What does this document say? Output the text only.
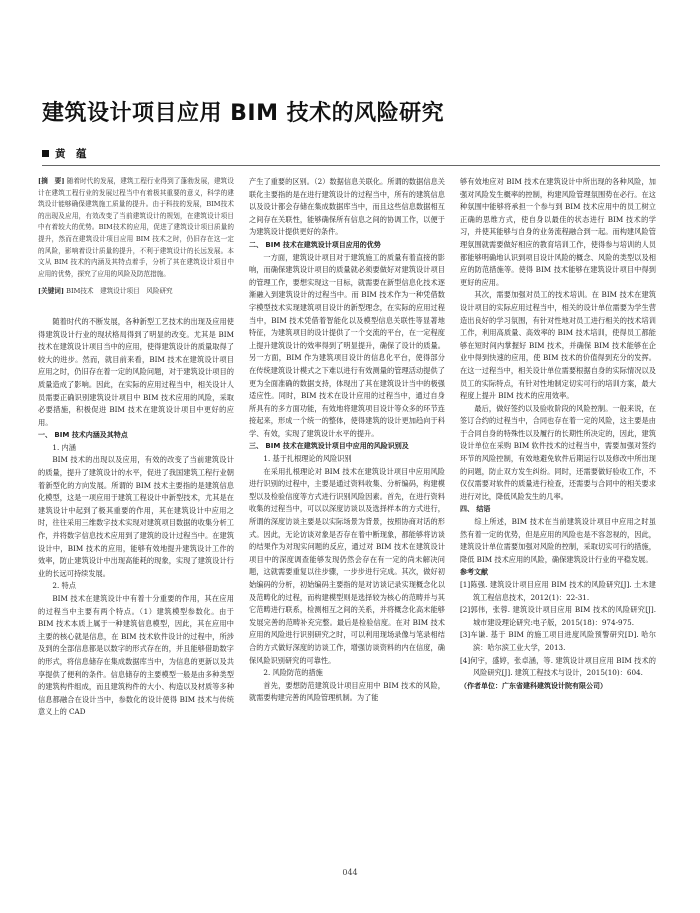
建筑设计项目应用 BIM 技术的风险研究
黄　蕴

[摘　要] 随着时代的发展，建筑工程行业得到了蓬勃发展，建筑设计在建筑工程行业的发展过程当中有着极其重要的意义，科学的建筑设计能够确保建筑施工质量的提升。由于科技的发展，BIM技术的出现及应用，有效改变了当前建筑设计的规划，在建筑设计项目中有着较大的优势。BIM技术的应用，促进了建筑设计项目质量的提升，然而在建筑设计项目应用 BIM 技术之时，仍旧存在这一定的风险，影响着设计质量的提升，不利于建筑设计的长远发展。本文从 BIM 技术的内涵及其特点着手，分析了其在建筑设计项目中应用的优势，探究了应用的风险及防范措施。

[关键词] BIM技术　建筑设计项目　风险研究

随着时代的不断发展，各种新型工艺技术的出现及应用使得建筑设计行业的现状格局得到了明显的改变。尤其是 BIM 技术在建筑设计项目当中的应用，使得建筑设计的质量取得了较大的进步。然而，就目前来看，BIM 技术在建筑设计项目应用之时，仍旧存在着一定的风险问题，对于建筑设计项目的质量造成了影响。因此，在实际的应用过程当中，相关设计人员需要正确识别建筑设计项目中 BIM 技术应用的风险，采取必要措施，积极促进 BIM 技术在建筑设计项目中更好的应用。

一、 BIM 技术内涵及其特点

1. 内涵

BIM 技术的出现以及应用，有效的改变了当前建筑设计的质量，提升了建筑设计的水平，促进了我国建筑工程行业朝着新型化的方向发展。所谓的 BIM 技术主要指的是建筑信息化模型，这是一项应用于建筑工程设计中新型技术，尤其是在建筑设计中起到了极其重要的作用，其在建筑设计中应用之时，往往采用三维数字技术实现对建筑项目数据的收集分析工作，并将数字信息技术应用到了建筑的设计过程当中。在建筑设计中，BIM 技术的应用，能够有效地提升建筑设计工作的效率，防止建筑设计中出现高能耗的现象，实现了建筑设计行业的长远可持续发展。

2. 特点

BIM 技术在建筑设计中有着十分重要的作用，其在应用的过程当中主要有两个特点。（1）建筑模型参数化。由于 BIM 技术本质上属于一种建筑信息模型，因此，其在应用中主要的核心就是信息，在 BIM 技术软件设计的过程中，所涉及到的全部信息都是以数字的形式存在的，并且能够借助数字的形式，将信息储存在集成数据库当中，为信息的更新以及共享提供了便利的条件。信息储存的主要模型一般是由多种类型的建筑构件组成，而且建筑构件的大小、构造以及材质等多种信息都融合在设计当中，参数化的设计使得 BIM 技术与传统意义上的 CAD

产生了重要的区别。（2）数据信息关联化。所谓的数据信息关联化主要指的是在进行建筑设计的过程当中，所有的建筑信息以及设计都会存储在集成数据库当中，而且这些信息数据相互之间存在关联性，能够确保所有信息之间的协调工作，以便于为建筑设计提供更好的条件。

二、 BIM 技术在建筑设计项目应用的优势

一方面，建筑设计项目对于建筑施工的质量有着直接的影响，而确保建筑设计项目的质量就必须要做好对建筑设计项目的管理工作，要想实现这一目标，就需要在新型信息化技术逐渐融入到建筑设计的过程当中。而 BIM 技术作为一种凭借数字模型技术实现建筑项目设计的新型理念，在实际的应用过程当中，BIM 技术凭借着智能化以及模型信息关联性等显著地特征，为建筑项目的设计提供了一个交流的平台，在一定程度上提升建筑设计的效率得到了明显提升，确保了设计的质量。另一方面，BIM 作为建筑项目设计的信息化平台，使得部分在传统建筑设计模式之下难以进行有效测量的管理活动提供了更为全面准确的数据支持，体现出了其在建筑设计当中的极强适应性。同时，BIM 技术在设计应用的过程当中，通过自身所具有的多方面功能，有效地将建筑项目设计等众多的环节连接起来，形成一个统一的整体，使得建筑的设计更加趋向于科学、有效，实现了建筑设计水平的提升。

三、 BIM 技术在建筑设计项目中应用的风险识别及

1. 基于扎根理论的风险识别

在采用扎根理论对 BIM 技术在建筑设计项目中应用风险进行识别的过程中，主要是通过资料收集、分析编码，构建模型以及检验信度等方式进行识别风险因素。首先，在进行资料收集的过程当中，可以以深度访谈以及选择样本的方式进行，所谓的深度访谈主要是以实际场景为背景，按照协商对话的形式。因此，无论访谈对象是否存在着中断现象，都能够将访谈的结果作为对现实问题的反应，通过对 BIM 技术在建筑设计项目中的深度调查能够发现仍然会存在有一定的尚未解决问题，这就需要重复以往步骤，一步步进行完成。其次，做好初始编码的分析，初始编码主要指的是对访谈记录实现概念化以及范畴化的过程，而构建模型则是选择较为核心的范畴并与其它范畴进行联系，检测相互之间的关系，并将概念化高末能够发展完善的范畴补充完整。最后是检验信度。在对 BIM 技术应用的风险进行识别研究之时，可以利用现场录像与笔录相结合的方式做好深度的访谈工作，增强访谈资料的内在信度，确保风险识别研究的可靠性。

2. 风险防范的措施

首先，要想防范建筑设计项目应用中 BIM 技术的风险，就需要构建完善的风险管理机制。为了能

够有效地应对 BIM 技术在建筑设计中所出现的各种风险，加强对风险发生概率的控制，构建风险管理氛围势在必行。在这种氛围中能够将承担一个参与到 BIM 技术应用中的员工树立正确的思维方式，使自身以最佳的状态进行 BIM 技术的学习，并使其能够与自身的业务流程融合到一起。而构建风险管理氛围就需要做好相应的教育培训工作，使得参与培训的人员都能够明确地认识到项目设计风险的概念、风险的类型以及相应的防范措施等。使得 BIM 技术能够在建筑设计项目中得到更好的应用。

其次，需要加强对员工的技术培训。在 BIM 技术在建筑设计项目的实际应用过程当中，相关的设计单位需要为学生营造出良好的学习氛围，有针对性地对员工进行相关的技术培训工作，利用高质量、高效率的 BIM 技术培训，使得员工都能够在短时间内掌握好 BIM 技术，并确保 BIM 技术能够在企业中得到快速的应用，使 BIM 技术的价值得到充分的发挥。在这一过程当中，相关设计单位需要根据自身的实际情况以及员工的实际特点，有针对性地制定切实可行的培训方案，最大程度上提升 BIM 技术的应用效率。

最后，做好签约以及验收阶段的风险控制。一般来说，在签订合约的过程当中，合同也存在着一定的风险，这主要是由于合同自身的特殊性以及履行的长期性所决定的，因此，建筑设计单位在采购 BIM 软件技术的过程当中，需要加强对签约环节的风险控制，有效地避免软件后期运行以及修改中所出现的问题，防止双方发生纠纷。同时，还需要做好验收工作，不仅仅需要对软件的质量进行检查，还需要与合同中的相关要求进行对比，降低风险发生的几率。

四、 结语

综上所述，BIM 技术在当前建筑设计项目中应用之时虽然有着一定的优势，但是应用的风险也是不容忽视的，因此，建筑设计单位需要加强对风险的控制，采取切实可行的措施，降低 BIM 技术应用的风险，确保建筑设计行业的平稳发展。

参考文献

[1]陈强. 建筑设计项目应用 BIM 技术的风险研究[J]. 土木建筑工程信息技术，2012(1)：22-31.

[2]郭伟，张蓉. 建筑设计项目应用 BIM 技术的风险研究[J]. 城市建设理论研究:电子版，2015(18)：974-975.

[3]车谦. 基于 BIM 的施工项目进度风险预警研究[D]. 哈尔滨：哈尔滨工业大学，2013.

[4]何宇，盛婷，张卓涵，等. 建筑设计项目应用 BIM 技术的风险研究[J]. 建筑工程技术与设计，2015(10)：604.

（作者单位：广东省建科建筑设计院有限公司）
044
